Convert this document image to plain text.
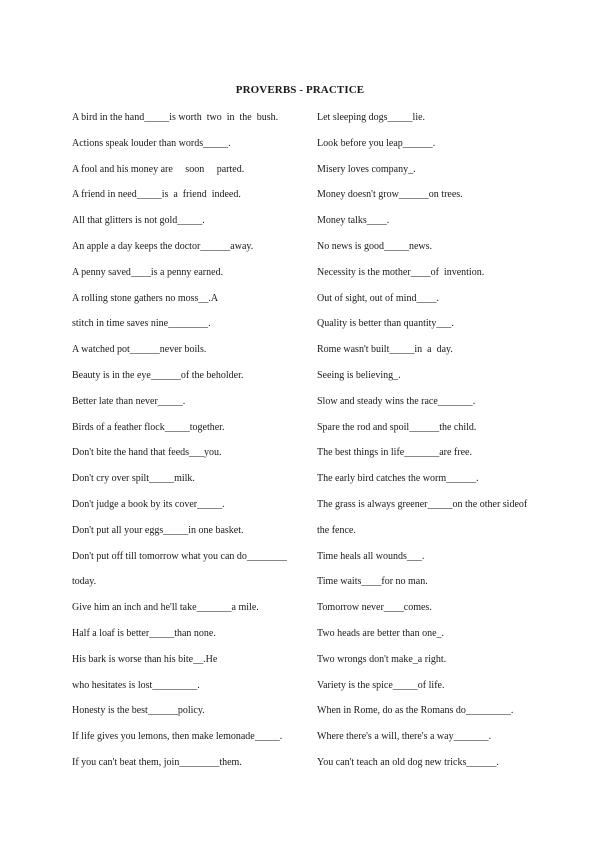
PROVERBS - PRACTICE
A bird in the hand_____is worth  two  in  the  bush.
Actions speak louder than words_____.
A fool and his money are     soon     parted.
A friend in need_____is  a  friend  indeed.
All that glitters is not gold_____.
An apple a day keeps the doctor______away.
A penny saved____is a penny earned.
A rolling stone gathers no moss__.A
stitch in time saves nine________.
A watched pot______never boils.
Beauty is in the eye______of the beholder.
Better late than never_____.
Birds of a feather flock_____together.
Don't bite the hand that feeds___you.
Don't cry over spilt_____milk.
Don't judge a book by its cover_____.
Don't put all your eggs_____in one basket.
Don't put off till tomorrow what you can do________
today.
Give him an inch and he'll take_______a mile.
Half a loaf is better_____than none.
His bark is worse than his bite__.He
who hesitates is lost_________.
Honesty is the best______policy.
If life gives you lemons, then make lemonade_____.
If you can't beat them, join________them.
Let sleeping dogs_____lie.
Look before you leap______.
Misery loves company_.
Money doesn't grow______on trees.
Money talks____.
No news is good_____news.
Necessity is the mother____of  invention.
Out of sight, out of mind____.
Quality is better than quantity___.
Rome wasn't built_____in  a  day.
Seeing is believing_.
Slow and steady wins the race_______.
Spare the rod and spoil______the child.
The best things in life_______are free.
The early bird catches the worm______.
The grass is always greener_____on the other sideof
the fence.
Time heals all wounds___.
Time waits____for no man.
Tomorrow never____comes.
Two heads are better than one_.
Two wrongs don't make_a right.
Variety is the spice_____of life.
When in Rome, do as the Romans do_________.
Where there's a will, there's a way_______.
You can't teach an old dog new tricks______.
